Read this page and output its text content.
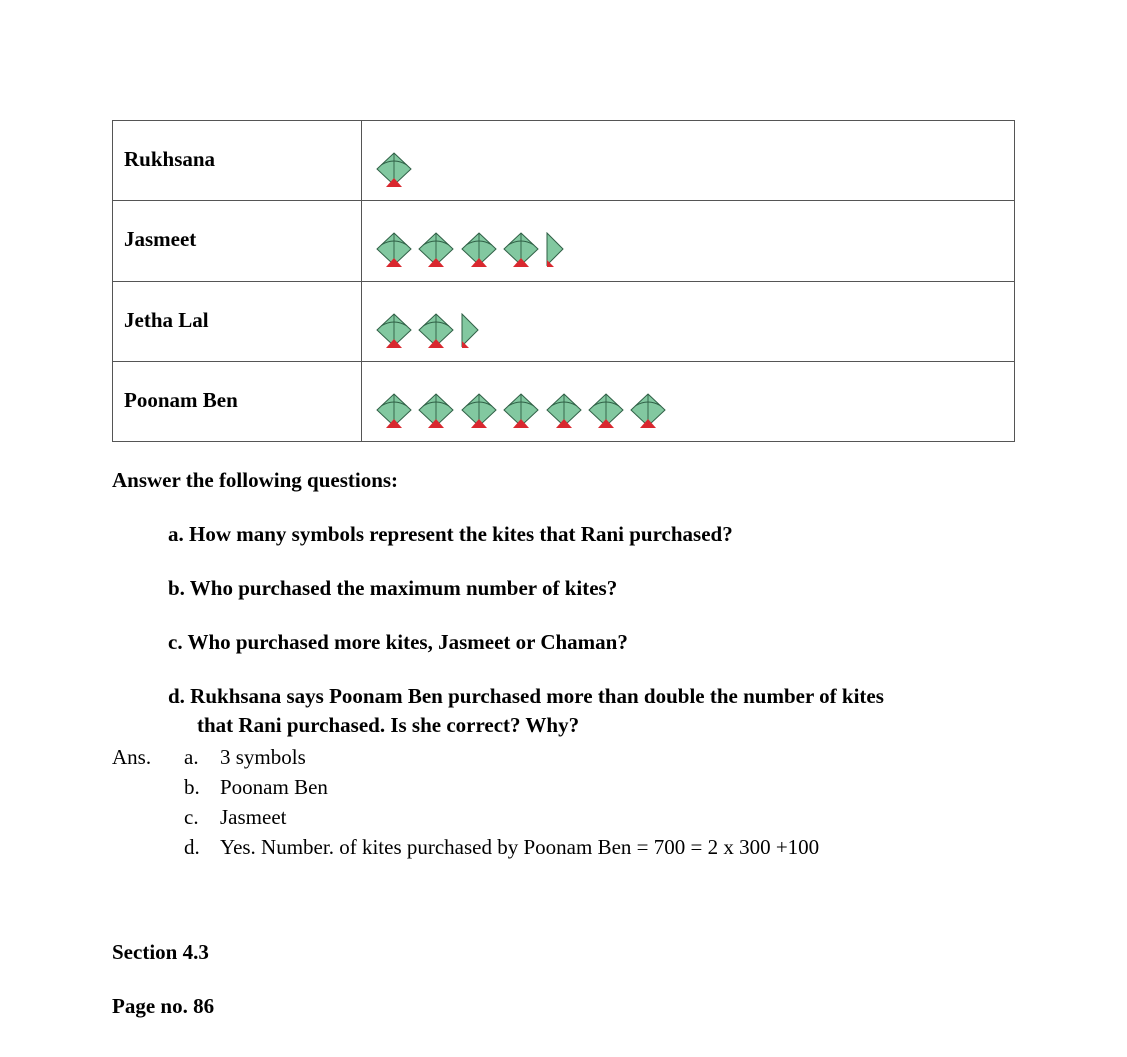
Rukhsana

Jasmeet

Jetha Lal

Poonam Ben

Answer the following questions:

a. How many symbols represent the kites that Rani purchased?

b. Who purchased the maximum number of kites?

c. Who purchased more kites, Jasmeet or Chaman?

d. Rukhsana says Poonam Ben purchased more than double the number of kites
that Rani purchased. Is she correct? Why?

Ans. a.	3 symbols
b. Poonam Ben
c.	Jasmeet
d. Yes. Number. of kites purchased by Poonam Ben = 700 = 2 x 300 +100

Section 4.3

Page no. 86
